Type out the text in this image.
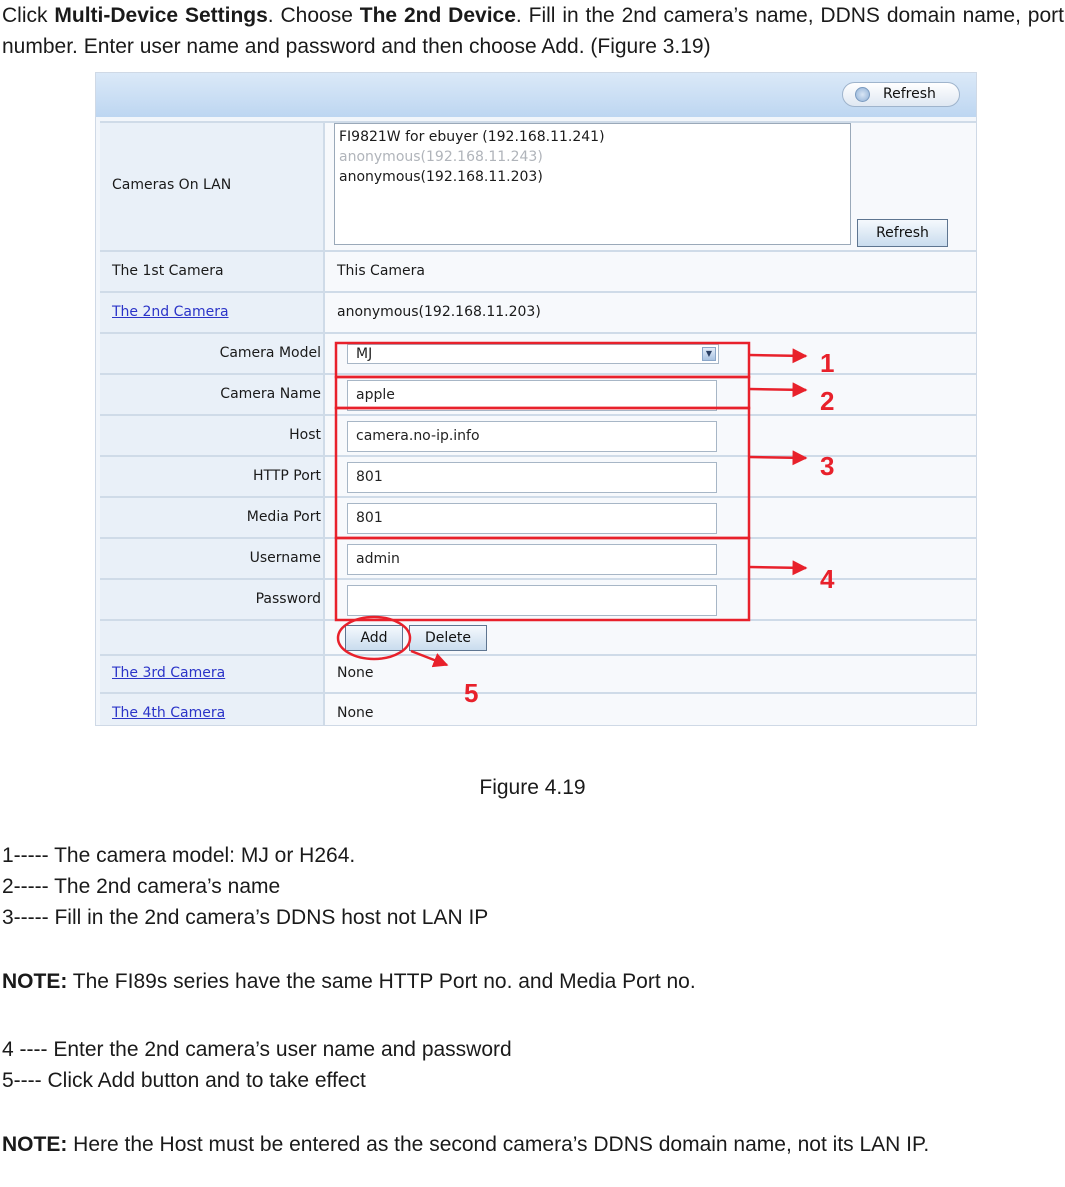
Click Multi-Device Settings. Choose The 2nd Device. Fill in the 2nd camera’s name, DDNS domain name, port number. Enter user name and password and then choose Add. (Figure 3.19)

Refresh
Cameras On LAN
FI9821W for ebuyer (192.168.11.241)
anonymous(192.168.11.243)
anonymous(192.168.11.203)
Refresh
The 1st Camera	This Camera
The 2nd Camera	anonymous(192.168.11.203)
Camera Model	MJ	▼
Camera Name	apple
Host	camera.no-ip.info
HTTP Port	801
Media Port	801
Username	admin
Password
Add	Delete
The 3rd Camera	None
The 4th Camera	None
1
2
3
4
5

Figure 4.19

1----- The camera model: MJ or H264.

2----- The 2nd camera’s name

3----- Fill in the 2nd camera’s DDNS host not LAN IP

NOTE: The FI89s series have the same HTTP Port no. and Media Port no.

4 ---- Enter the 2nd camera’s user name and password

5---- Click Add button and to take effect

NOTE: Here the Host must be entered as the second camera’s DDNS domain name, not its LAN IP.
